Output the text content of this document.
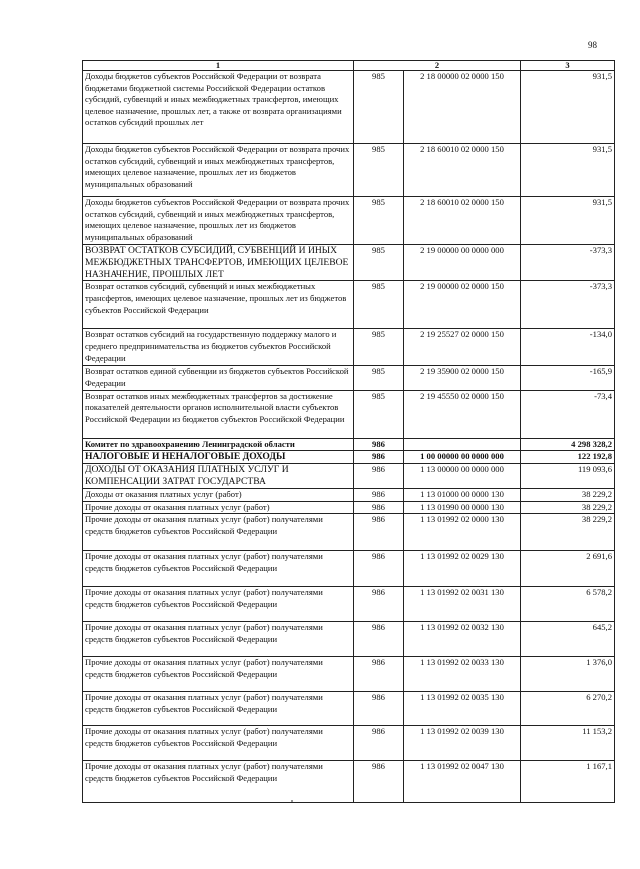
98
1	2		3
Доходы бюджетов субъектов Российской Федерации от возврата бюджетами бюджетной системы Российской Федерации остатков субсидий, субвенций и иных межбюджетных трансфертов, имеющих целевое назначение, прошлых лет, а также от возврата организациями остатков субсидий прошлых лет	985	2 18 00000 02 0000 150	931,5
Доходы бюджетов субъектов Российской Федерации от возврата прочих остатков субсидий, субвенций и иных межбюджетных трансфертов, имеющих целевое назначение, прошлых лет из бюджетов муниципальных образований	985	2 18 60010 02 0000 150	931,5
Доходы бюджетов субъектов Российской Федерации от возврата прочих остатков субсидий, субвенций и иных межбюджетных трансфертов, имеющих целевое назначение, прошлых лет из бюджетов муниципальных образований	985	2 18 60010 02 0000 150	931,5
ВОЗВРАТ ОСТАТКОВ СУБСИДИЙ, СУБВЕНЦИЙ И ИНЫХ МЕЖБЮДЖЕТНЫХ ТРАНСФЕРТОВ, ИМЕЮЩИХ ЦЕЛЕВОЕ НАЗНАЧЕНИЕ, ПРОШЛЫХ ЛЕТ	985	2 19 00000 00 0000 000	-373,3
Возврат остатков субсидий, субвенций и иных межбюджетных трансфертов, имеющих целевое назначение, прошлых лет из бюджетов субъектов Российской Федерации	985	2 19 00000 02 0000 150	-373,3
Возврат остатков субсидий на государственную поддержку малого и среднего предпринимательства из бюджетов субъектов Российской Федерации	985	2 19 25527 02 0000 150	-134,0
Возврат остатков единой субвенции из бюджетов субъектов Российской Федерации	985	2 19 35900 02 0000 150	-165,9
Возврат остатков иных межбюджетных трансфертов за достижение показателей деятельности органов исполнительной власти субъектов Российской Федерации из бюджетов субъектов Российской Федерации	985	2 19 45550 02 0000 150	-73,4
Комитет по здравоохранению Ленинградской области	986		4 298 328,2
НАЛОГОВЫЕ И НЕНАЛОГОВЫЕ ДОХОДЫ	986	1 00 00000 00 0000 000	122 192,8
ДОХОДЫ ОТ ОКАЗАНИЯ ПЛАТНЫХ УСЛУГ И КОМПЕНСАЦИИ ЗАТРАТ ГОСУДАРСТВА	986	1 13 00000 00 0000 000	119 093,6
Доходы от оказания платных услуг (работ)	986	1 13 01000 00 0000 130	38 229,2
Прочие доходы от оказания платных услуг (работ)	986	1 13 01990 00 0000 130	38 229,2
Прочие доходы от оказания платных услуг (работ) получателями средств бюджетов субъектов Российской Федерации	986	1 13 01992 02 0000 130	38 229,2
Прочие доходы от оказания платных услуг (работ) получателями средств бюджетов субъектов Российской Федерации	986	1 13 01992 02 0029 130	2 691,6
Прочие доходы от оказания платных услуг (работ) получателями средств бюджетов субъектов Российской Федерации	986	1 13 01992 02 0031 130	6 578,2
Прочие доходы от оказания платных услуг (работ) получателями средств бюджетов субъектов Российской Федерации	986	1 13 01992 02 0032 130	645,2
Прочие доходы от оказания платных услуг (работ) получателями средств бюджетов субъектов Российской Федерации	986	1 13 01992 02 0033 130	1 376,0
Прочие доходы от оказания платных услуг (работ) получателями средств бюджетов субъектов Российской Федерации	986	1 13 01992 02 0035 130	6 270,2
Прочие доходы от оказания платных услуг (работ) получателями средств бюджетов субъектов Российской Федерации	986	1 13 01992 02 0039 130	11 153,2
Прочие доходы от оказания платных услуг (работ) получателями средств бюджетов субъектов Российской Федерации	986	1 13 01992 02 0047 130	1 167,1
